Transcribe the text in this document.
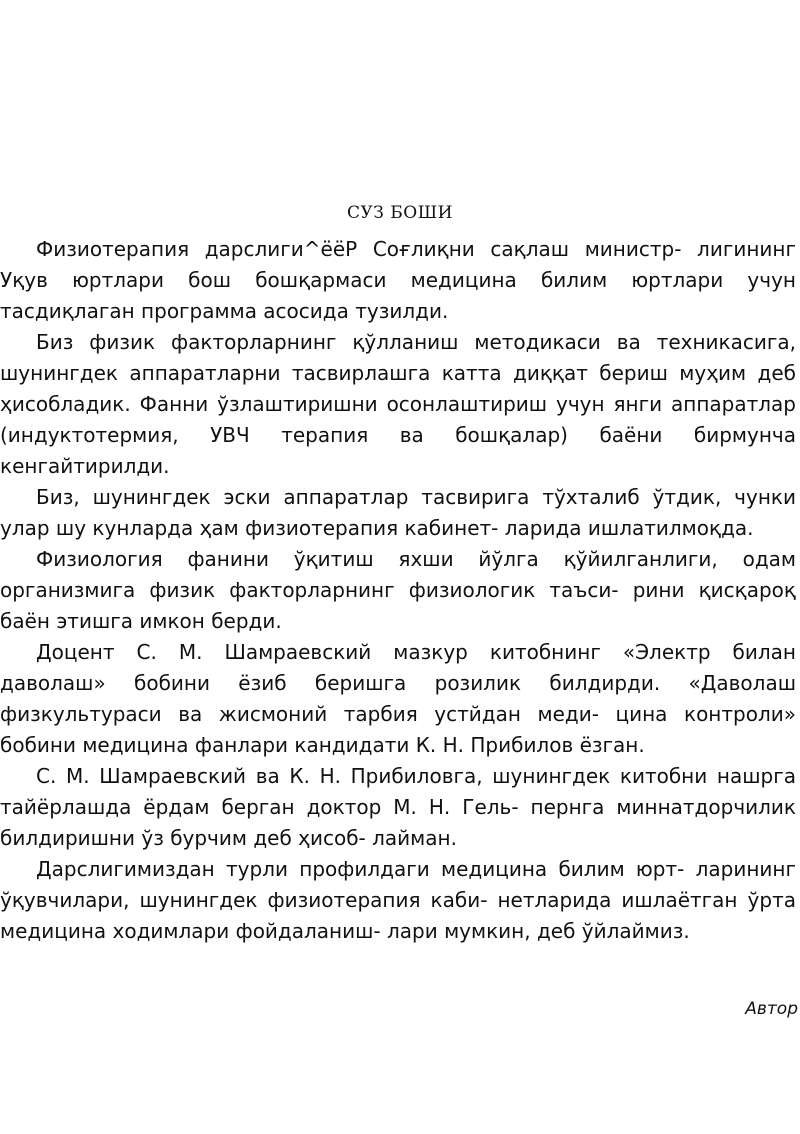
СУЗ БОШИ

Физиотерапия дарслиги^ёёР Соғлиқни сақлаш министр- лигининг Уқув юртлари бош бошқармаси медицина билим юртлари учун тасдиқлаган программа асосида тузилди.

Биз физик факторларнинг қўлланиш методикаси ва техникасига, шунингдек аппаратларни тасвирлашга катта диққат бериш муҳим деб ҳисобладик. Фанни ўзлаштиришни осонлаштириш учун янги аппаратлар (индуктотермия, УВЧ терапия ва бошқалар) баёни бирмунча кенгайтирилди.

Биз, шунингдек эски аппаратлар тасвирига тўхталиб ўтдик, чунки улар шу кунларда ҳам физиотерапия кабинет- ларида ишлатилмоқда.

Физиология фанини ўқитиш яхши йўлга қўйилганлиги, одам организмига физик факторларнинг физиологик таъси- рини қисқароқ баён этишга имкон берди.

Доцент С. М. Шамраевский мазкур китобнинг «Электр билан даволаш» бобини ёзиб беришга розилик билдирди. «Даволаш физкультураси ва жисмоний тарбия устйдан меди- цина контроли» бобини медицина фанлари кандидати К. Н. Прибилов ёзган.

С. М. Шамраевский ва К. Н. Прибиловга, шунингдек китобни нашрга тайёрлашда ёрдам берган доктор М. Н. Гель- пернга миннатдорчилик билдиришни ўз бурчим деб ҳисоб- лайман.

Дарслигимиздан турли профилдаги медицина билим юрт- ларининг ўқувчилари, шунингдек физиотерапия каби- нетларида ишлаётган ўрта медицина ходимлари фойдаланиш- лари мумкин, деб ўйлаймиз.

Автор
